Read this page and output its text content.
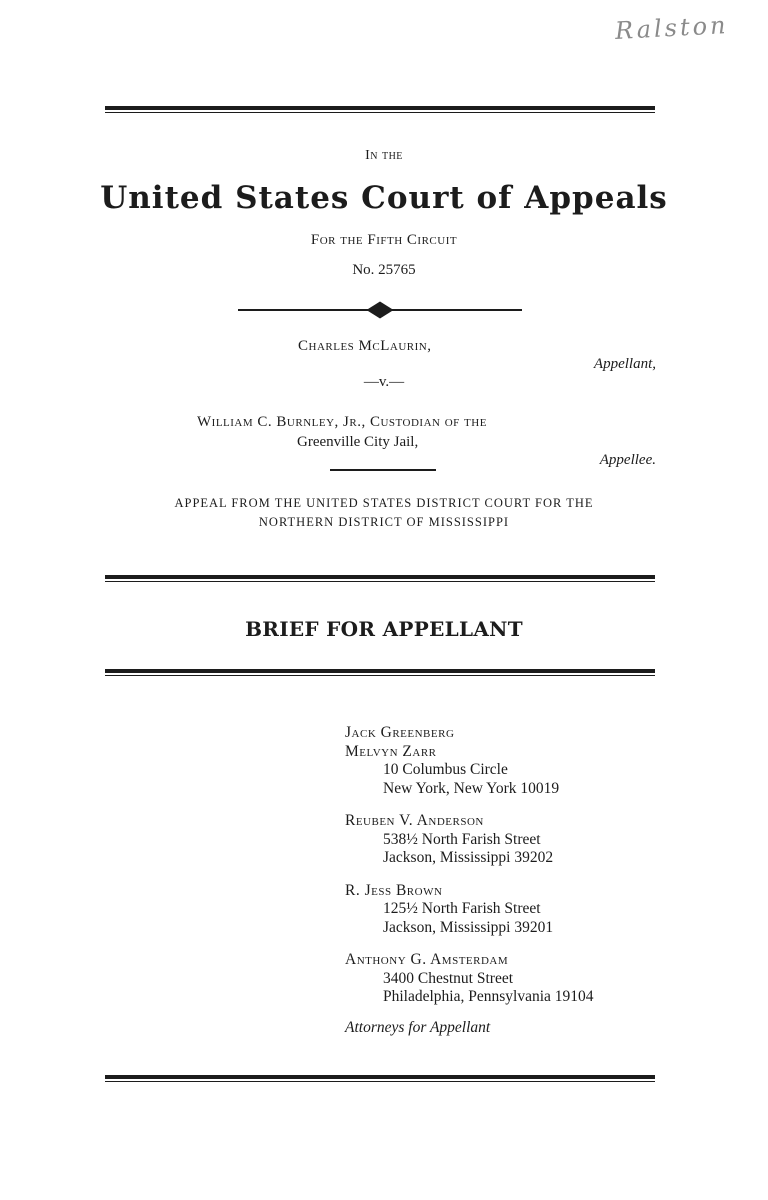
Ralston
In the
United States Court of Appeals
For the Fifth Circuit
No. 25765
Charles McLaurin,
Appellant,
—v.—
William C. Burnley, Jr., Custodian of the
Greenville City Jail,
Appellee.
APPEAL FROM THE UNITED STATES DISTRICT COURT FOR THE
NORTHERN DISTRICT OF MISSISSIPPI
BRIEF FOR APPELLANT
Jack Greenberg
Melvyn Zarr
10 Columbus Circle
New York, New York 10019
Reuben V. Anderson
538½ North Farish Street
Jackson, Mississippi 39202
R. Jess Brown
125½ North Farish Street
Jackson, Mississippi 39201
Anthony G. Amsterdam
3400 Chestnut Street
Philadelphia, Pennsylvania 19104
Attorneys for Appellant
